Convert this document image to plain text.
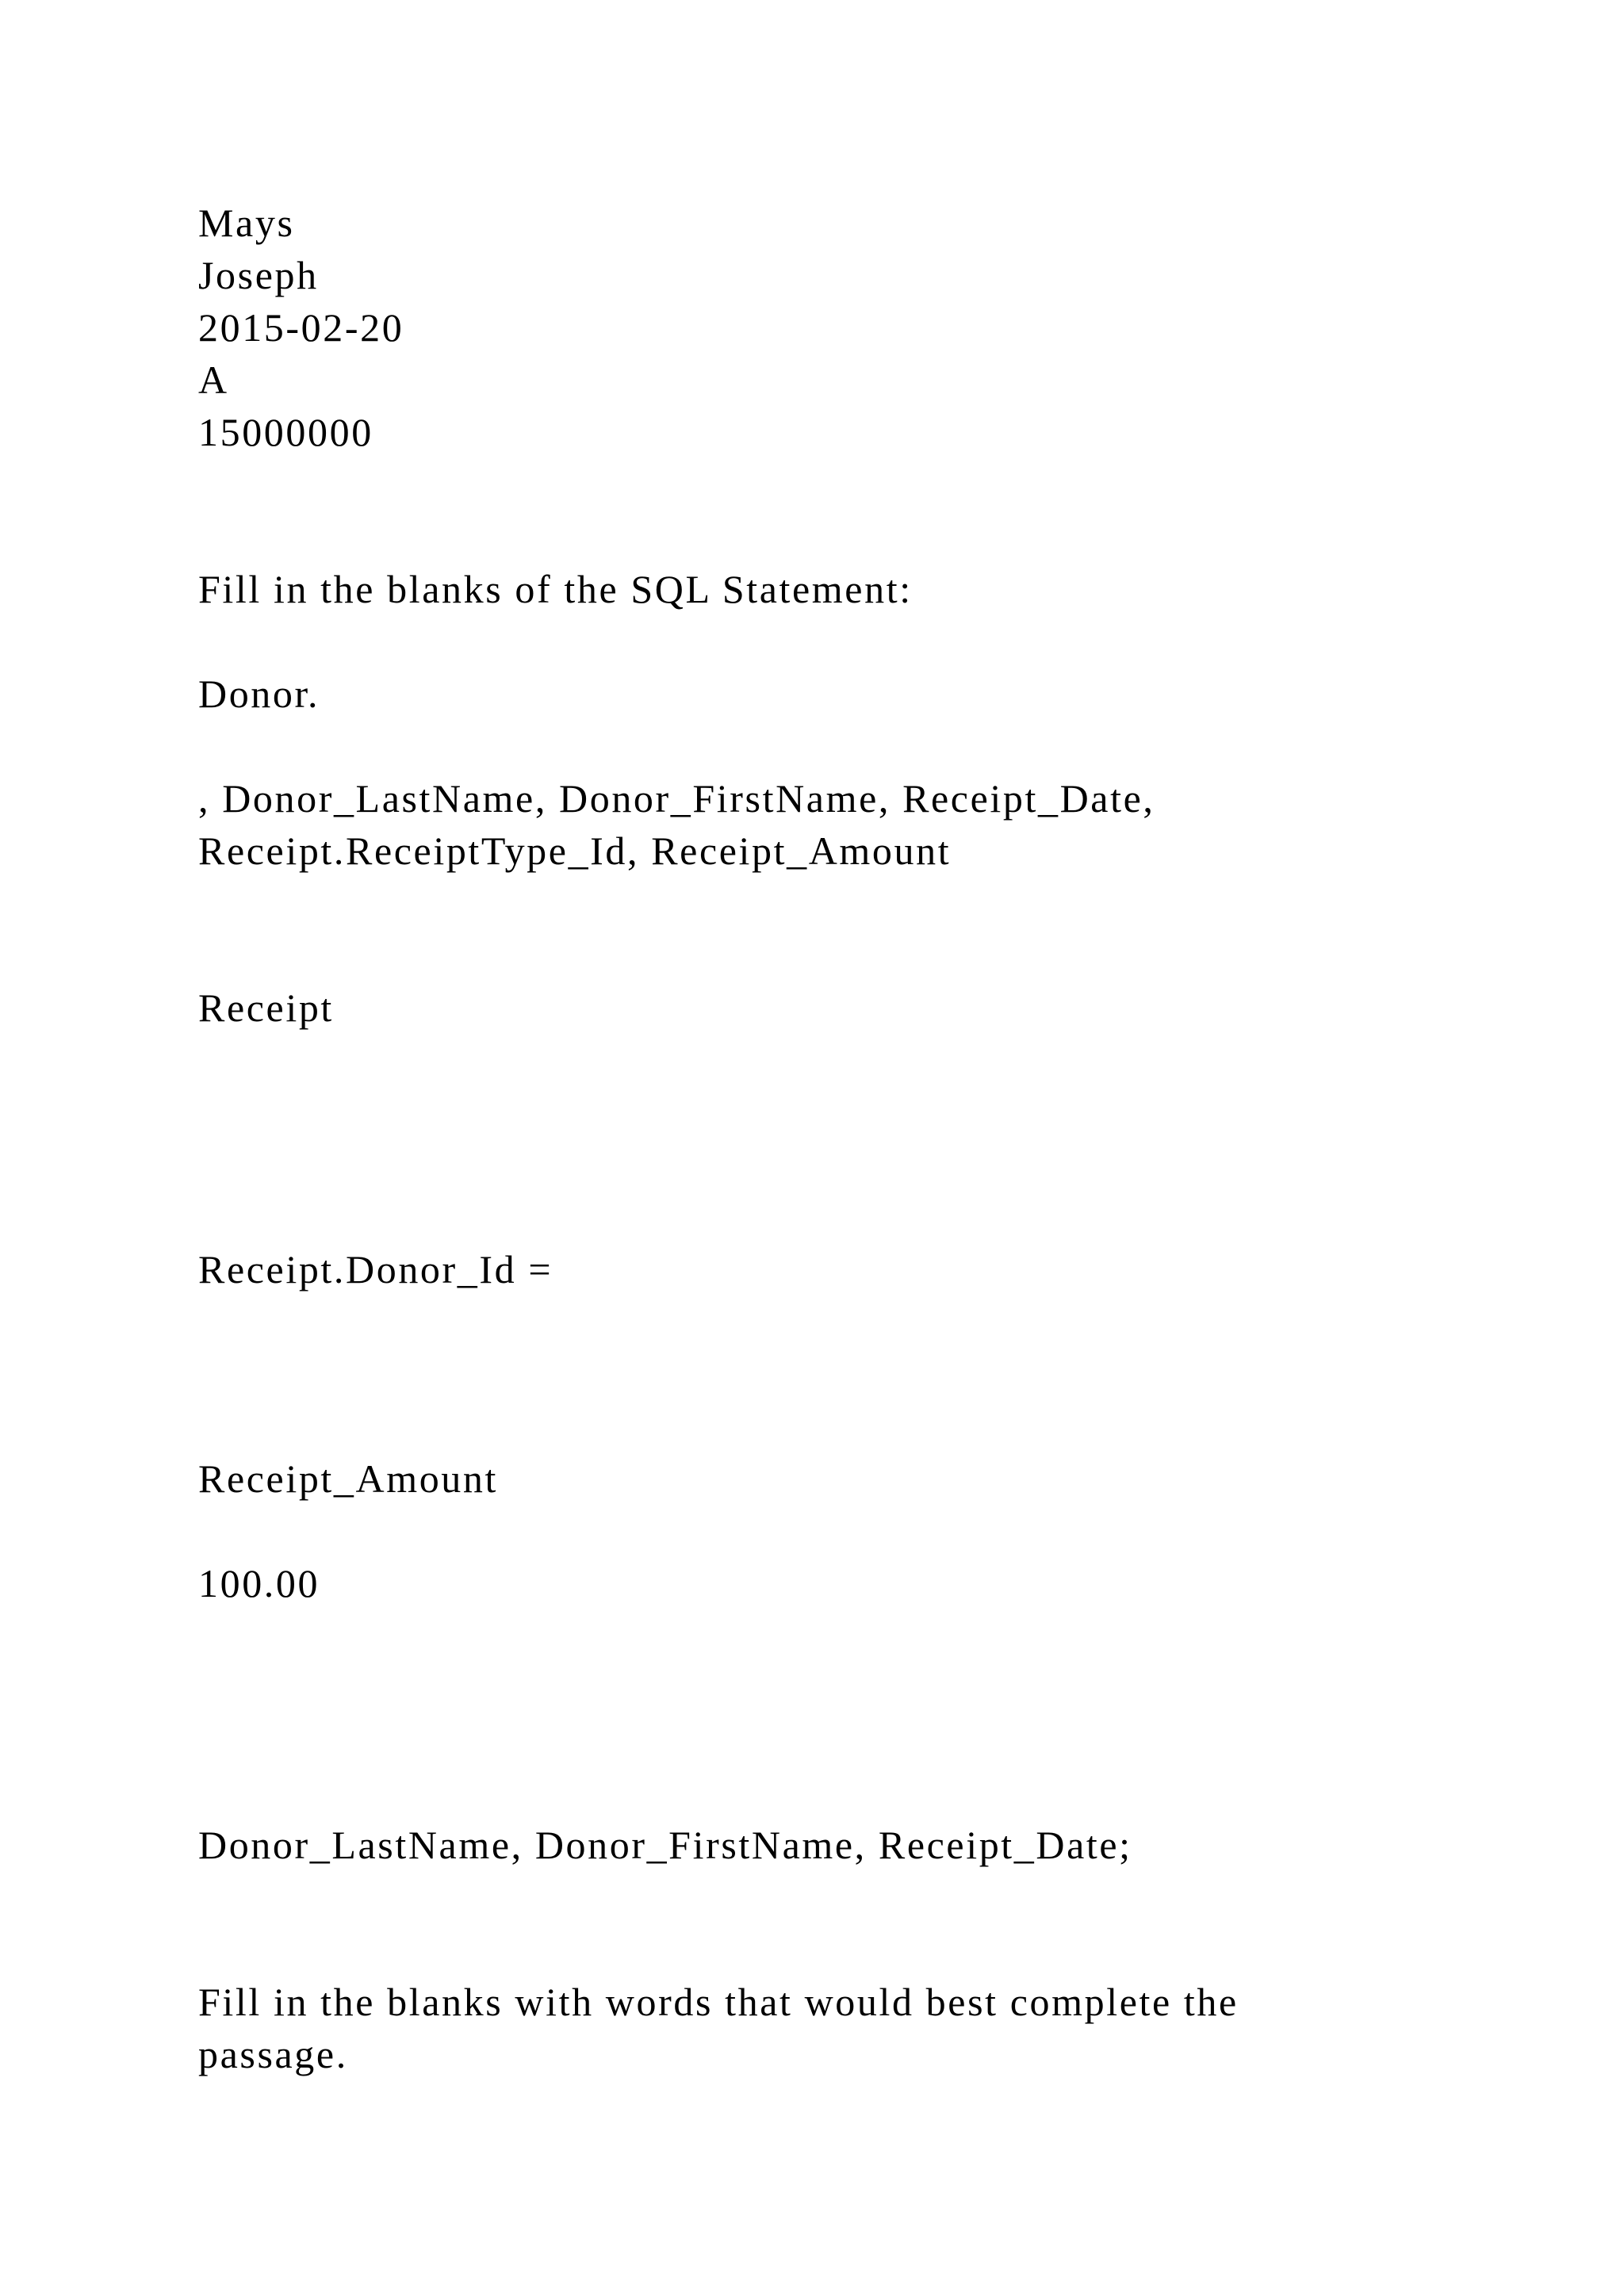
Mays

Joseph

2015-02-20

A

15000000

Fill in the blanks of the SQL Statement:

Donor.

, Donor_LastName, Donor_FirstName, Receipt_Date,

Receipt.ReceiptType_Id, Receipt_Amount

Receipt

Receipt.Donor_Id =

Receipt_Amount

100.00

Donor_LastName, Donor_FirstName, Receipt_Date;

Fill in the blanks with words that would best complete the

passage.
